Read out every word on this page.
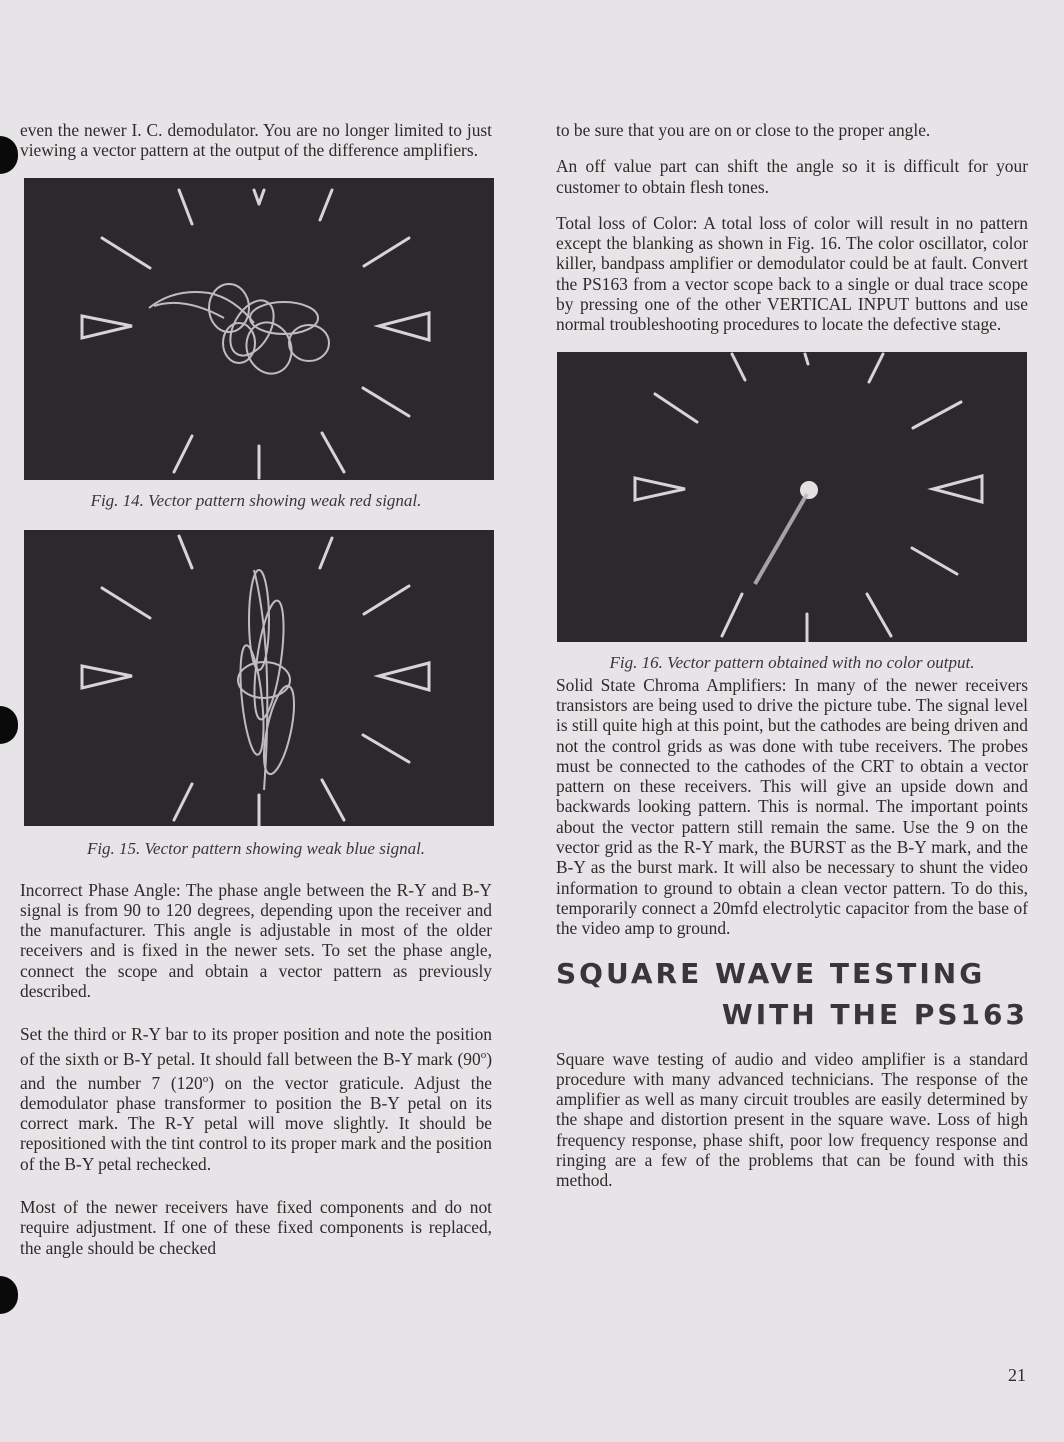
even the newer I. C. demodulator. You are no longer limited to just viewing a vector pattern at the output of the difference amplifiers.

Fig. 14. Vector pattern showing weak red signal.

Fig. 15. Vector pattern showing weak blue signal.

Incorrect Phase Angle: The phase angle between the R-Y and B-Y signal is from 90 to 120 degrees, depending upon the receiver and the manufacturer. This angle is adjustable in most of the older receivers and is fixed in the newer sets. To set the phase angle, connect the scope and obtain a vector pattern as previously described.

Set the third or R-Y bar to its proper position and note the position of the sixth or B-Y petal. It should fall between the B-Y mark (90$^o$) and the number 7 (120$^o$) on the vector graticule. Adjust the demodulator phase transformer to position the B-Y petal on its correct mark. The R-Y petal will move slightly. It should be repositioned with the tint control to its proper mark and the position of the B-Y petal rechecked.

Most of the newer receivers have fixed components and do not require adjustment. If one of these fixed components is replaced, the angle should be checked

to be sure that you are on or close to the proper angle.

An off value part can shift the angle so it is difficult for your customer to obtain flesh tones.

Total loss of Color: A total loss of color will result in no pattern except the blanking as shown in Fig. 16. The color oscillator, color killer, bandpass amplifier or demodulator could be at fault. Convert the PS163 from a vector scope back to a single or dual trace scope by pressing one of the other VERTICAL INPUT buttons and use normal troubleshooting procedures to locate the defective stage.

Fig. 16. Vector pattern obtained with no color output.

Solid State Chroma Amplifiers: In many of the newer receivers transistors are being used to drive the picture tube. The signal level is still quite high at this point, but the cathodes are being driven and not the control grids as was done with tube receivers. The probes must be connected to the cathodes of the CRT to obtain a vector pattern on these receivers. This will give an upside down and backwards looking pattern. This is normal. The important points about the vector pattern still remain the same. Use the 9 on the vector grid as the R-Y mark, the BURST as the B-Y mark, and the B-Y as the burst mark. It will also be necessary to shunt the video information to ground to obtain a clean vector pattern. To do this, temporarily connect a 20mfd electrolytic capacitor from the base of the video amp to ground.

SQUARE WAVE TESTING
WITH THE PS163

Square wave testing of audio and video amplifier is a standard procedure with many advanced technicians. The response of the amplifier as well as many circuit troubles are easily determined by the shape and distortion present in the square wave. Loss of high frequency response, phase shift, poor low frequency response and ringing are a few of the problems that can be found with this method.

21
